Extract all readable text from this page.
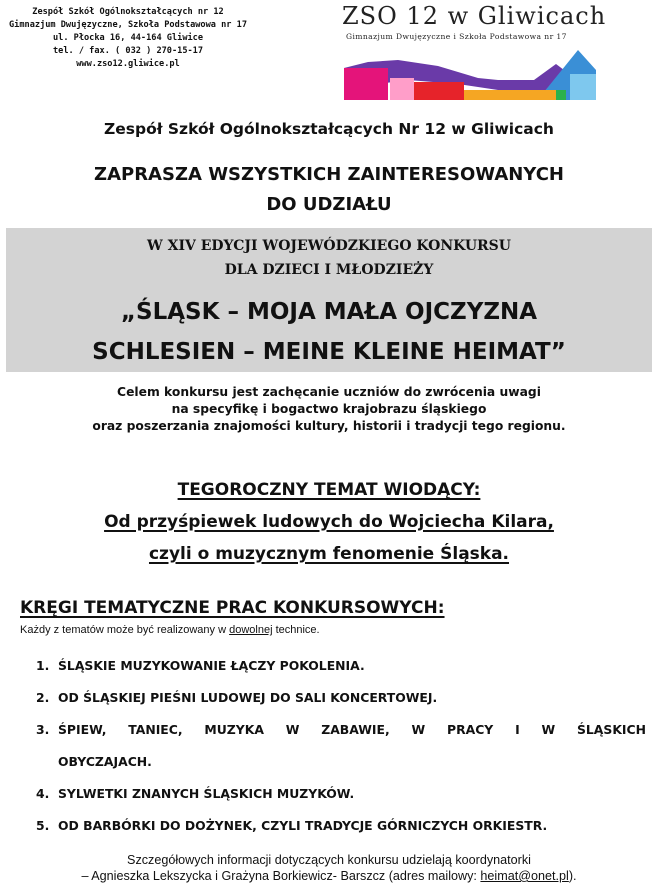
Zespół Szkół Ogólnokształcących nr 12
Gimnazjum Dwujęzyczne, Szkoła Podstawowa nr 17
ul. Płocka 16, 44-164 Gliwice
tel. / fax. ( 032 ) 270-15-17
www.zso12.gliwice.pl
ZSO 12 w Gliwicach
Gimnazjum Dwujęzyczne i Szkoła Podstawowa nr 17
Zespół Szkół Ogólnokształcących Nr 12 w Gliwicach
ZAPRASZA WSZYSTKICH ZAINTERESOWANYCH
DO UDZIAŁU
W XIV EDYCJI WOJEWÓDZKIEGO KONKURSU
DLA DZIECI I MŁODZIEŻY
„ŚLĄSK – MOJA MAŁA OJCZYZNA
SCHLESIEN – MEINE KLEINE HEIMAT”
Celem konkursu jest zachęcanie uczniów do zwrócenia uwagi
na specyfikę i bogactwo krajobrazu śląskiego
oraz poszerzania znajomości kultury, historii i tradycji tego regionu.
TEGOROCZNY TEMAT WIODĄCY:
Od przyśpiewek ludowych do Wojciecha Kilara,
czyli o muzycznym fenomenie Śląska.
KRĘGI TEMATYCZNE PRAC KONKURSOWYCH:
Każdy z tematów może być realizowany w dowolnej technice.
1. ŚLĄSKIE MUZYKOWANIE ŁĄCZY POKOLENIA.
2. OD ŚLĄSKIEJ PIEŚNI LUDOWEJ DO SALI KONCERTOWEJ.
3. ŚPIEW, TANIEC, MUZYKA W ZABAWIE, W PRACY I W ŚLĄSKICH OBYCZAJACH.
4. SYLWETKI ZNANYCH ŚLĄSKICH MUZYKÓW.
5. OD BARBÓRKI DO DOŻYNEK, CZYLI TRADYCJE GÓRNICZYCH ORKIESTR.
Szczegółowych informacji dotyczących konkursu udzielają koordynatorki
– Agnieszka Lekszycka i Grażyna Borkiewicz- Barszcz (adres mailowy: heimat@onet.pl).
